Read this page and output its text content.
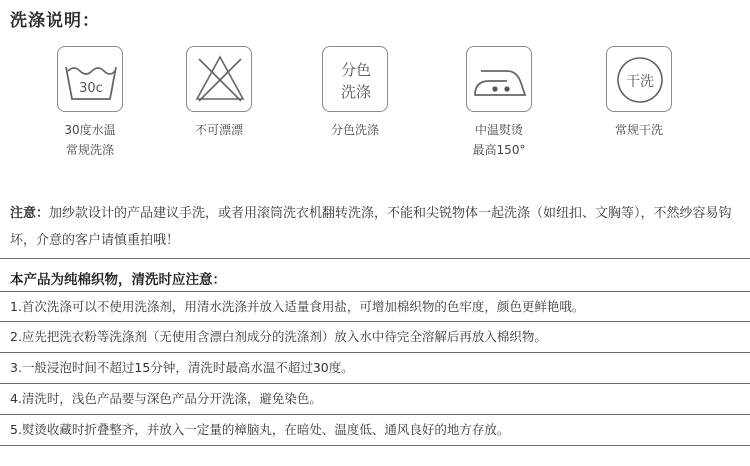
洗涤说明：
30c
30度水温
常规洗涤
不可漂漂
分色
洗涤
分色洗涤	中温熨烫
最高150°
干洗
常规干洗
注意：加纱款设计的产品建议手洗，或者用滚筒洗衣机翻转洗涤，不能和尖锐物体一起洗涤（如纽扣、文胸等），不然纱容易钩坏，介意的客户请慎重拍哦！
本产品为纯棉织物，清洗时应注意：
1.首次洗涤可以不使用洗涤剂，用清水洗涤并放入适量食用盐，可增加棉织物的色牢度，颜色更鲜艳哦。
2.应先把洗衣粉等洗涤剂（无使用含漂白剂成分的洗涤剂）放入水中待完全溶解后再放入棉织物。
3.一般浸泡时间不超过15分钟，清洗时最高水温不超过30度。
4.清洗时，浅色产品要与深色产品分开洗涤，避免染色。
5.熨烫收藏时折叠整齐，并放入一定量的樟脑丸，在暗处、温度低、通风良好的地方存放。
